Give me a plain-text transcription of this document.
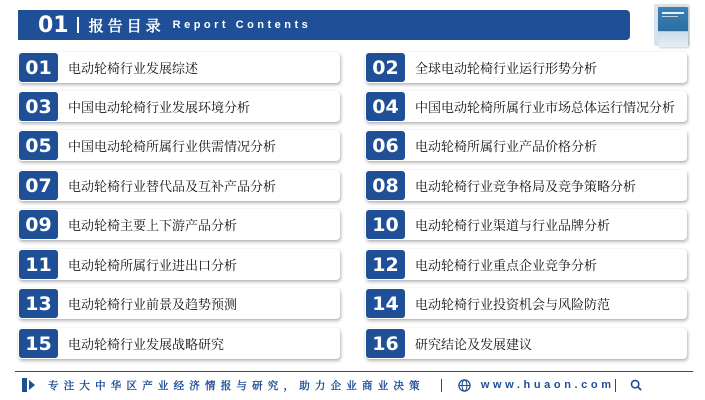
01 报告目录 Report Contents
01	电动轮椅行业发展综述	02	全球电动轮椅行业运行形势分析
03	中国电动轮椅行业发展环境分析	04	中国电动轮椅所属行业市场总体运行情况分析
05	中国电动轮椅所属行业供需情况分析	06	电动轮椅所属行业产品价格分析
07	电动轮椅行业替代品及互补产品分析	08	电动轮椅行业竞争格局及竞争策略分析
09	电动轮椅主要上下游产品分析	10	电动轮椅行业渠道与行业品牌分析
11	电动轮椅所属行业进出口分析	12	电动轮椅行业重点企业竞争分析
13	电动轮椅行业前景及趋势预测	14	电动轮椅行业投资机会与风险防范
15	电动轮椅行业发展战略研究	16	研究结论及发展建议
专注大中华区产业经济情报与研究，助力企业商业决策	www.huaon.com
